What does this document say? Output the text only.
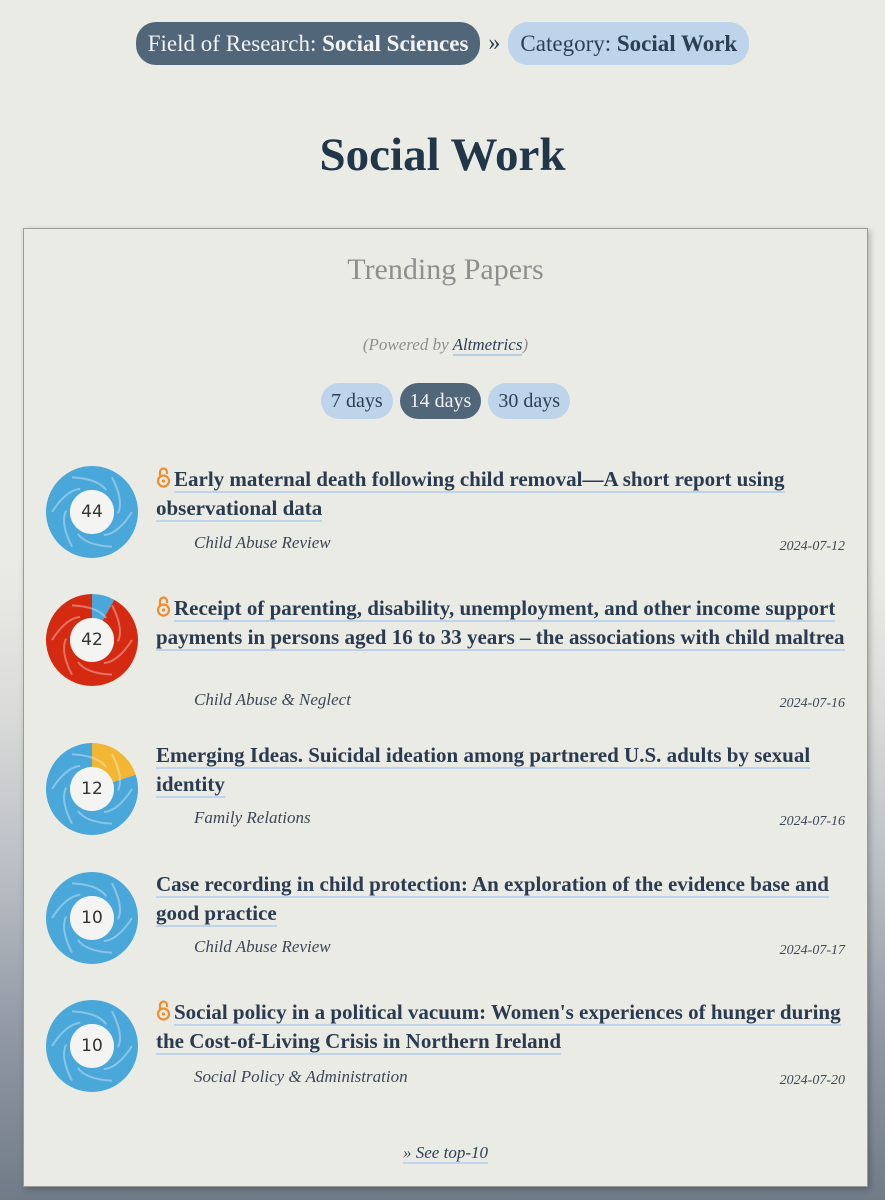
Field of Research: Social Sciences » Category: Social Work
Social Work
Trending Papers
(Powered by Altmetrics)
7 days	14 days	30 days
44
Early maternal death following child removal—A short report using observational data
Child Abuse Review	2024-07-12
42
Receipt of parenting, disability, unemployment, and other income support payments in persons aged 16 to 33 years – the associations with child maltrea
Child Abuse & Neglect	2024-07-16
12
Emerging Ideas. Suicidal ideation among partnered U.S. adults by sexual identity
Family Relations	2024-07-16
10
Case recording in child protection: An exploration of the evidence base and good practice
Child Abuse Review	2024-07-17
10
Social policy in a political vacuum: Women's experiences of hunger during the Cost-of-Living Crisis in Northern Ireland
Social Policy & Administration	2024-07-20
» See top-10
